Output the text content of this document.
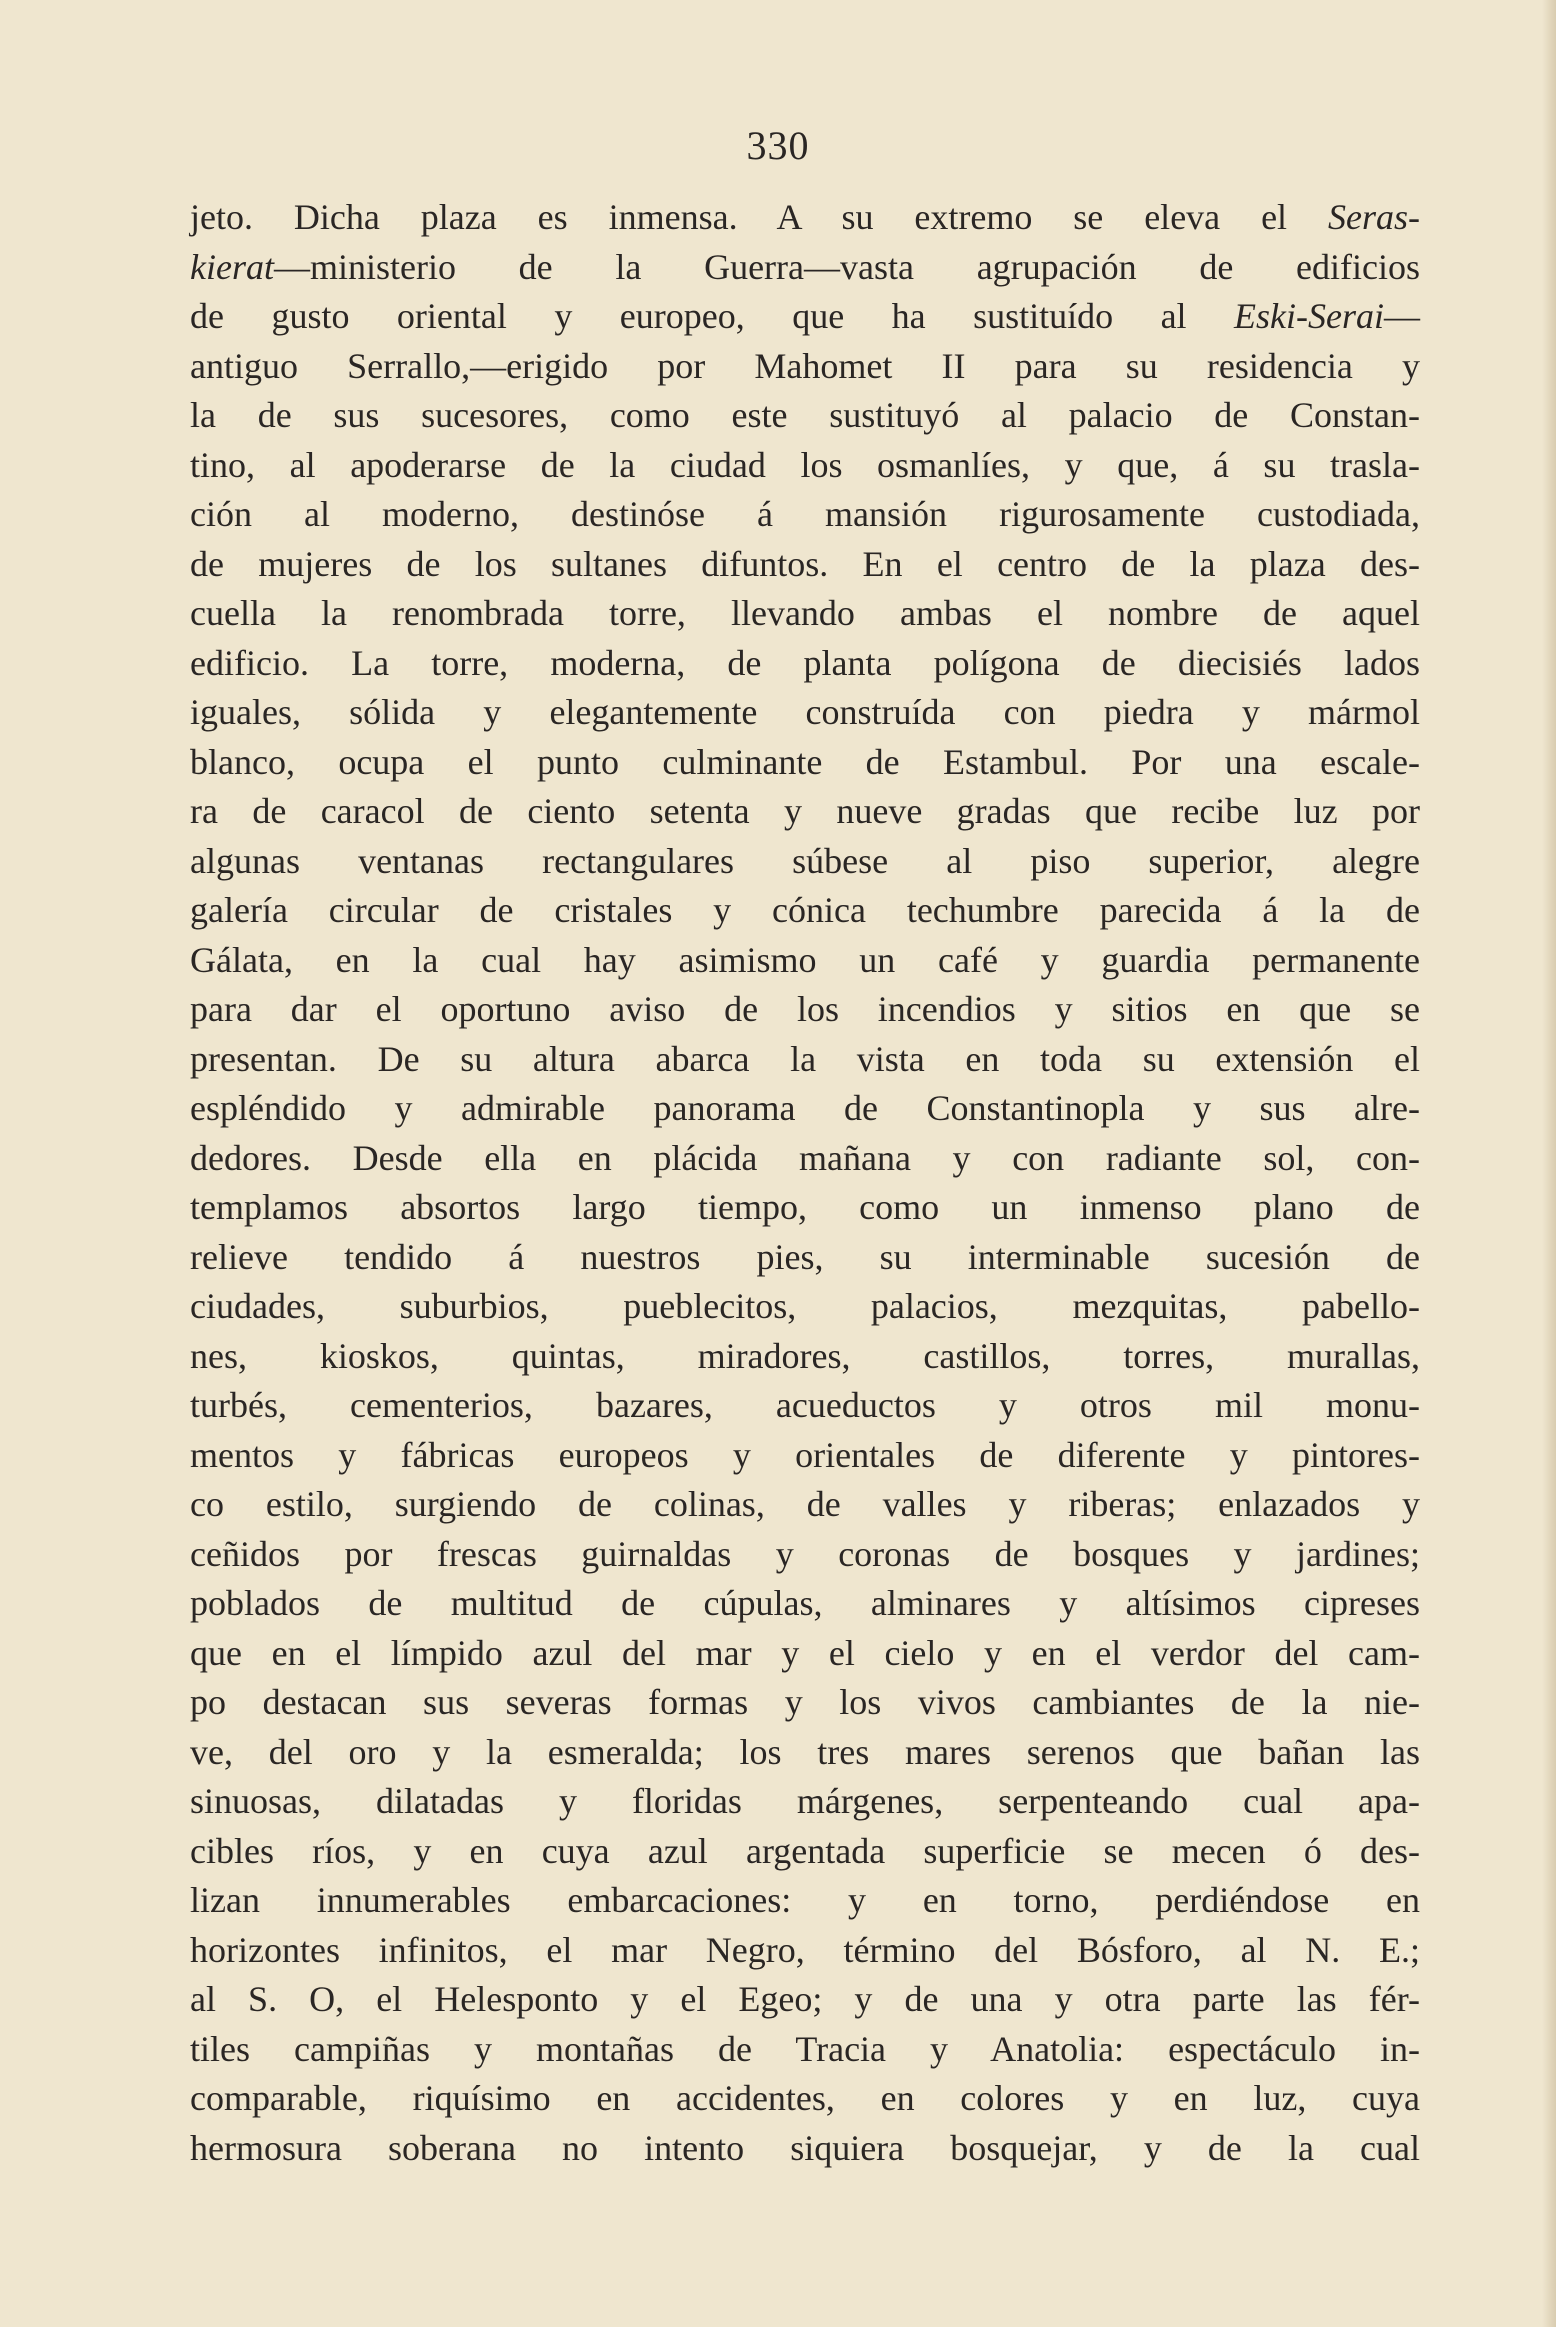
330
jeto. Dicha plaza es inmensa. A su extremo se eleva el Seras-
kierat—ministerio de la Guerra—vasta agrupación de edificios
de gusto oriental y europeo, que ha sustituído al Eski-Serai—
antiguo Serrallo,—erigido por Mahomet II para su residencia y
la de sus sucesores, como este sustituyó al palacio de Constan-
tino, al apoderarse de la ciudad los osmanlíes, y que, á su trasla-
ción al moderno, destinóse á mansión rigurosamente custodiada,
de mujeres de los sultanes difuntos. En el centro de la plaza des-
cuella la renombrada torre, llevando ambas el nombre de aquel
edificio. La torre, moderna, de planta polígona de diecisiés lados
iguales, sólida y elegantemente construída con piedra y mármol
blanco, ocupa el punto culminante de Estambul. Por una escale-
ra de caracol de ciento setenta y nueve gradas que recibe luz por
algunas ventanas rectangulares súbese al piso superior, alegre
galería circular de cristales y cónica techumbre parecida á la de
Gálata, en la cual hay asimismo un café y guardia permanente
para dar el oportuno aviso de los incendios y sitios en que se
presentan. De su altura abarca la vista en toda su extensión el
espléndido y admirable panorama de Constantinopla y sus alre-
dedores. Desde ella en plácida mañana y con radiante sol, con-
templamos absortos largo tiempo, como un inmenso plano de
relieve tendido á nuestros pies, su interminable sucesión de
ciudades, suburbios, pueblecitos, palacios, mezquitas, pabello-
nes, kioskos, quintas, miradores, castillos, torres, murallas,
turbés, cementerios, bazares, acueductos y otros mil monu-
mentos y fábricas europeos y orientales de diferente y pintores-
co estilo, surgiendo de colinas, de valles y riberas; enlazados y
ceñidos por frescas guirnaldas y coronas de bosques y jardines;
poblados de multitud de cúpulas, alminares y altísimos cipreses
que en el límpido azul del mar y el cielo y en el verdor del cam-
po destacan sus severas formas y los vivos cambiantes de la nie-
ve, del oro y la esmeralda; los tres mares serenos que bañan las
sinuosas, dilatadas y floridas márgenes, serpenteando cual apa-
cibles ríos, y en cuya azul argentada superficie se mecen ó des-
lizan innumerables embarcaciones: y en torno, perdiéndose en
horizontes infinitos, el mar Negro, término del Bósforo, al N. E.;
al S. O, el Helesponto y el Egeo; y de una y otra parte las fér-
tiles campiñas y montañas de Tracia y Anatolia: espectáculo in-
comparable, riquísimo en accidentes, en colores y en luz, cuya
hermosura soberana no intento siquiera bosquejar, y de la cual
